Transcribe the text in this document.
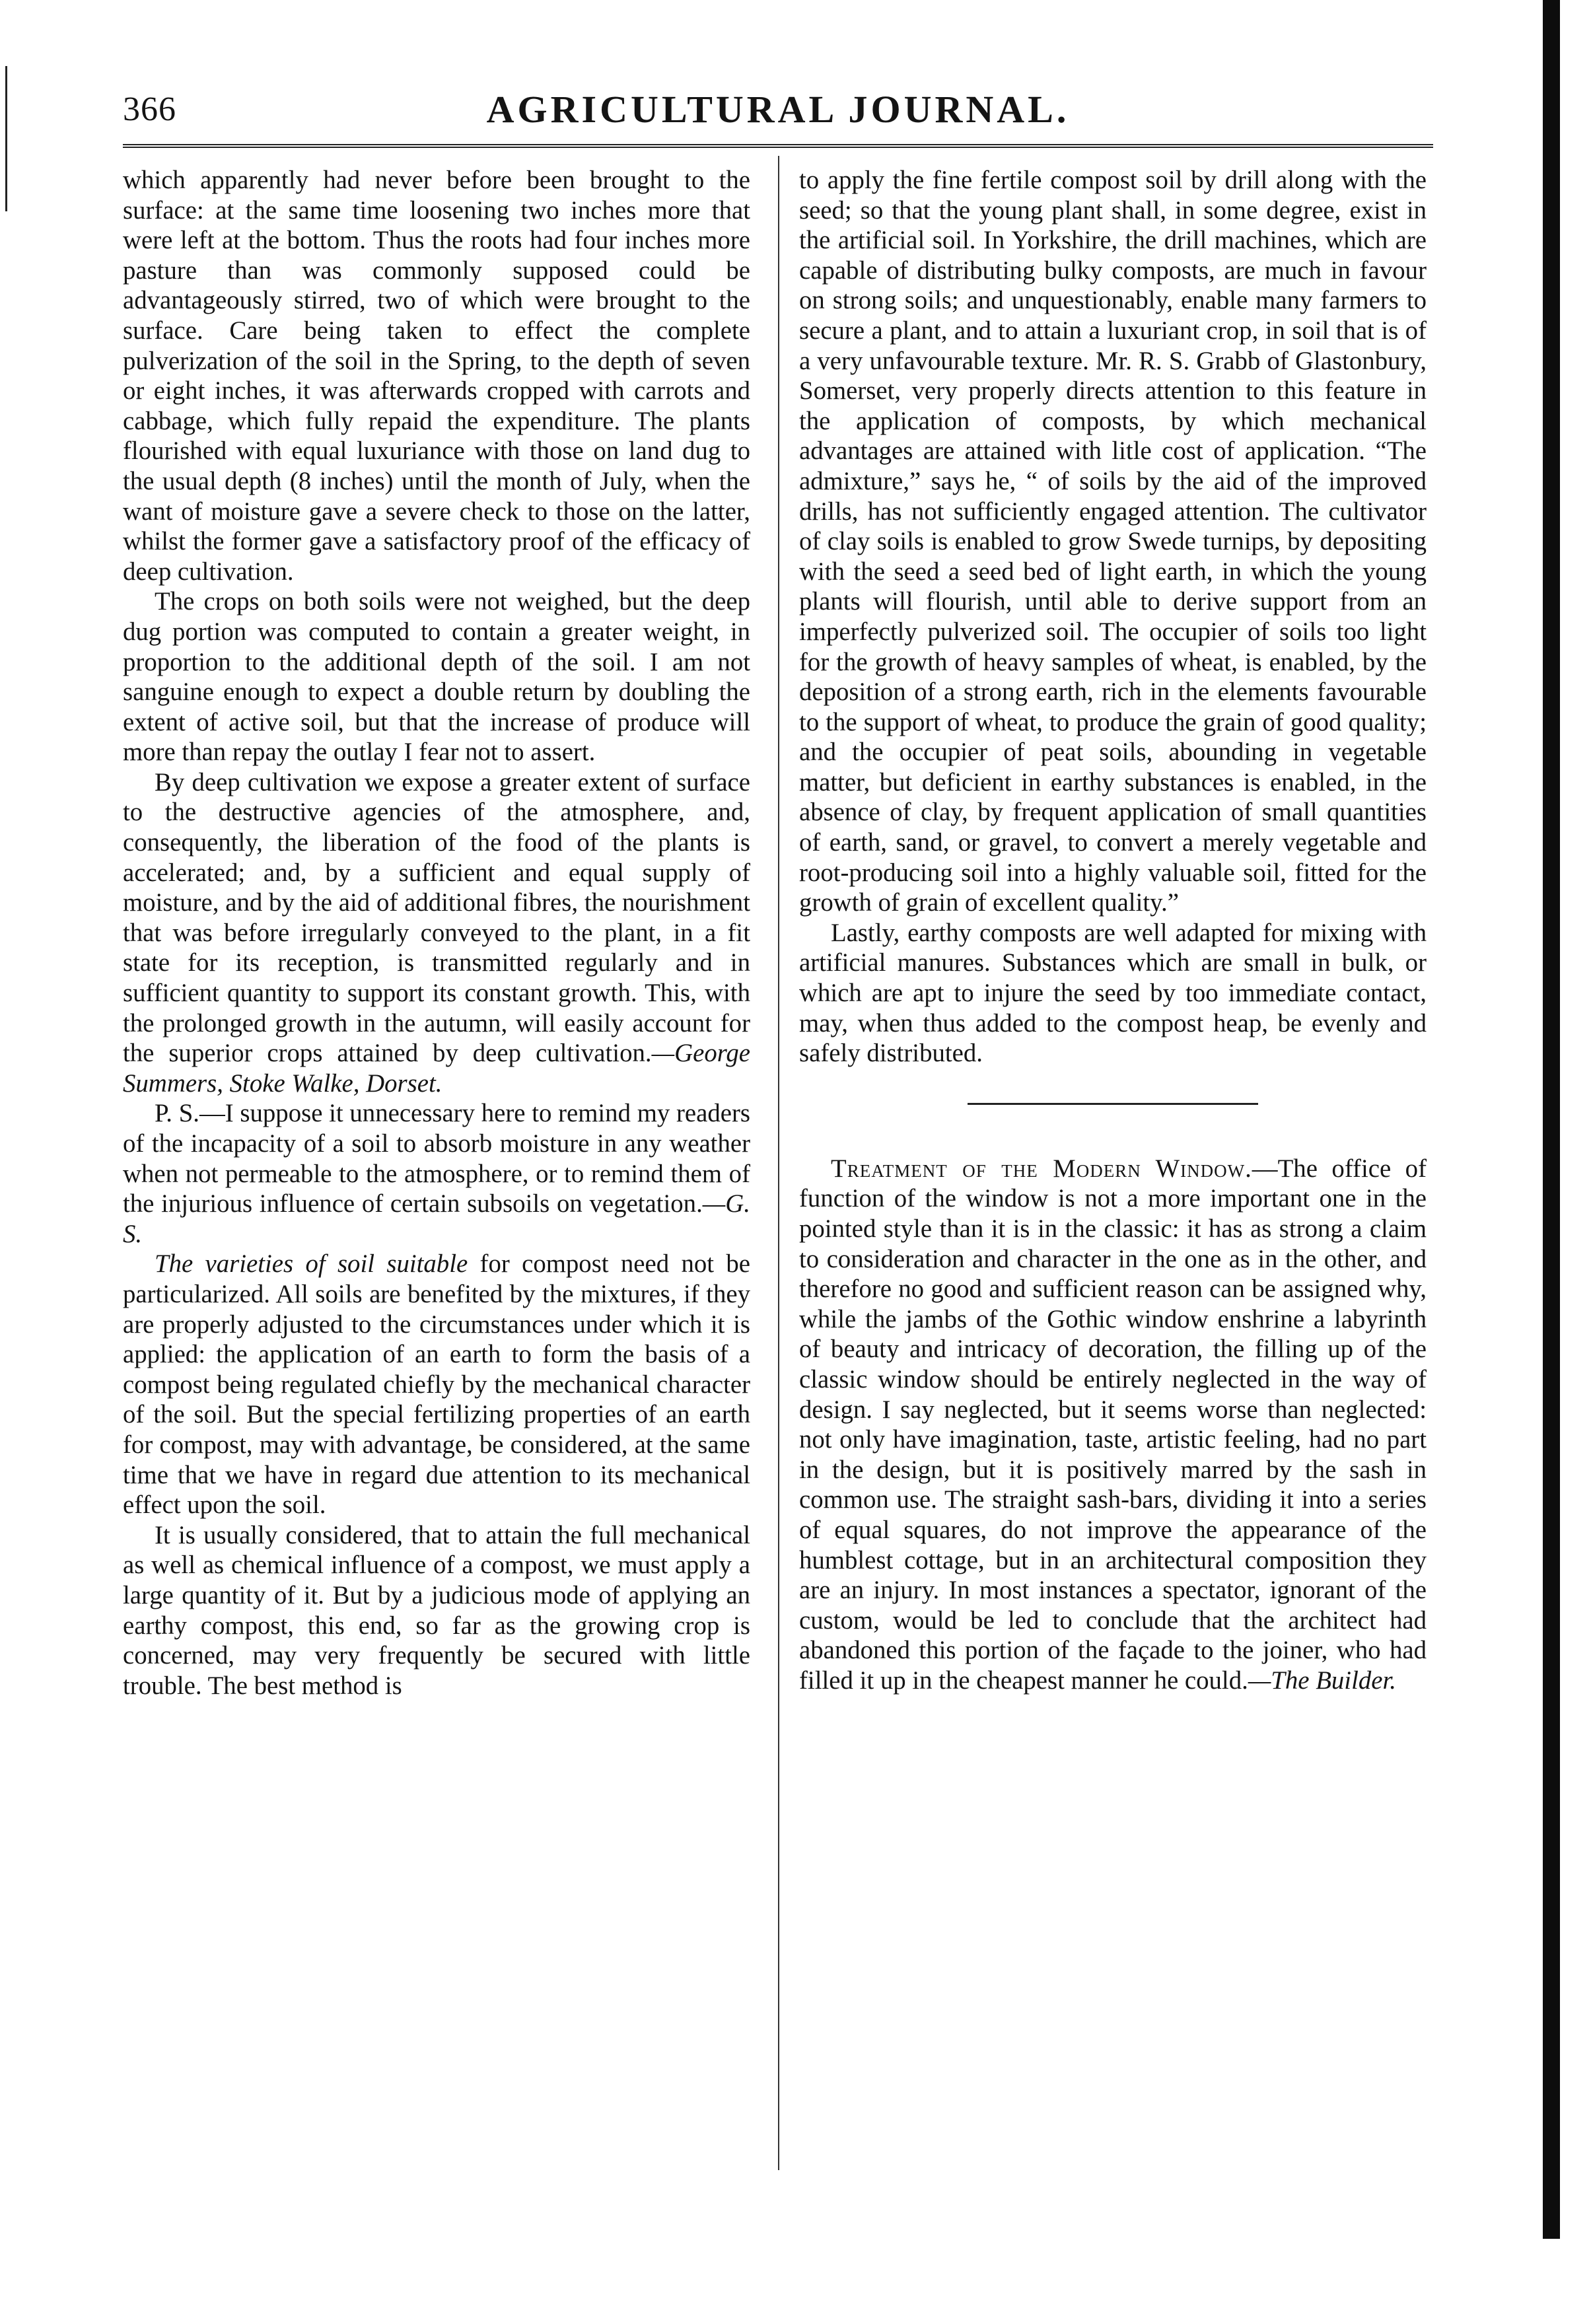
366	AGRICULTURAL JOURNAL.

which apparently had never before been brought to the surface: at the same time loosening two inches more that were left at the bottom. Thus the roots had four inches more pasture than was commonly supposed could be advantageously stirred, two of which were brought to the surface. Care being taken to effect the complete pulverization of the soil in the Spring, to the depth of seven or eight inches, it was afterwards cropped with carrots and cabbage, which fully repaid the expenditure. The plants flourished with equal luxuriance with those on land dug to the usual depth (8 inches) until the month of July, when the want of moisture gave a severe check to those on the latter, whilst the former gave a satisfactory proof of the efficacy of deep cultivation.

The crops on both soils were not weighed, but the deep dug portion was computed to contain a greater weight, in proportion to the additional depth of the soil. I am not sanguine enough to expect a double return by doubling the extent of active soil, but that the increase of produce will more than repay the outlay I fear not to assert.

By deep cultivation we expose a greater extent of surface to the destructive agencies of the atmosphere, and, consequently, the liberation of the food of the plants is accelerated; and, by a sufficient and equal supply of moisture, and by the aid of additional fibres, the nourishment that was before irregularly conveyed to the plant, in a fit state for its reception, is transmitted regularly and in sufficient quantity to support its constant growth. This, with the prolonged growth in the autumn, will easily account for the superior crops attained by deep cultivation.—George Summers, Stoke Walke, Dorset.

P. S.—I suppose it unnecessary here to remind my readers of the incapacity of a soil to absorb moisture in any weather when not permeable to the atmosphere, or to remind them of the injurious influence of certain subsoils on vegetation.—G. S.

The varieties of soil suitable for compost need not be particularized. All soils are benefited by the mixtures, if they are properly adjusted to the circumstances under which it is applied: the application of an earth to form the basis of a compost being regulated chiefly by the mechanical character of the soil. But the special fertilizing properties of an earth for compost, may with advantage, be considered, at the same time that we have in regard due attention to its mechanical effect upon the soil.

It is usually considered, that to attain the full mechanical as well as chemical influence of a compost, we must apply a large quantity of it. But by a judicious mode of applying an earthy compost, this end, so far as the growing crop is concerned, may very frequently be secured with little trouble. The best method is

to apply the fine fertile compost soil by drill along with the seed; so that the young plant shall, in some degree, exist in the artificial soil. In Yorkshire, the drill machines, which are capable of distributing bulky composts, are much in favour on strong soils; and unquestionably, enable many farmers to secure a plant, and to attain a luxuriant crop, in soil that is of a very unfavourable texture. Mr. R. S. Grabb of Glastonbury, Somerset, very properly directs attention to this feature in the application of composts, by which mechanical advantages are attained with litle cost of application. “The admixture,” says he, “ of soils by the aid of the improved drills, has not sufficiently engaged attention. The cultivator of clay soils is enabled to grow Swede turnips, by depositing with the seed a seed bed of light earth, in which the young plants will flourish, until able to derive support from an imperfectly pulverized soil. The occupier of soils too light for the growth of heavy samples of wheat, is enabled, by the deposition of a strong earth, rich in the elements favourable to the support of wheat, to produce the grain of good quality; and the occupier of peat soils, abounding in vegetable matter, but deficient in earthy substances is enabled, in the absence of clay, by frequent application of small quantities of earth, sand, or gravel, to convert a merely vegetable and root-producing soil into a highly valuable soil, fitted for the growth of grain of excellent quality.”

Lastly, earthy composts are well adapted for mixing with artificial manures. Substances which are small in bulk, or which are apt to injure the seed by too immediate contact, may, when thus added to the compost heap, be evenly and safely distributed.

Treatment of the Modern Window.—The office of function of the window is not a more important one in the pointed style than it is in the classic: it has as strong a claim to consideration and character in the one as in the other, and therefore no good and sufficient reason can be assigned why, while the jambs of the Gothic window enshrine a labyrinth of beauty and intricacy of decoration, the filling up of the classic window should be entirely neglected in the way of design. I say neglected, but it seems worse than neglected: not only have imagination, taste, artistic feeling, had no part in the design, but it is positively marred by the sash in common use. The straight sash-bars, dividing it into a series of equal squares, do not improve the appearance of the humblest cottage, but in an architectural composition they are an injury. In most instances a spectator, ignorant of the custom, would be led to conclude that the architect had abandoned this portion of the façade to the joiner, who had filled it up in the cheapest manner he could.—The Builder.
